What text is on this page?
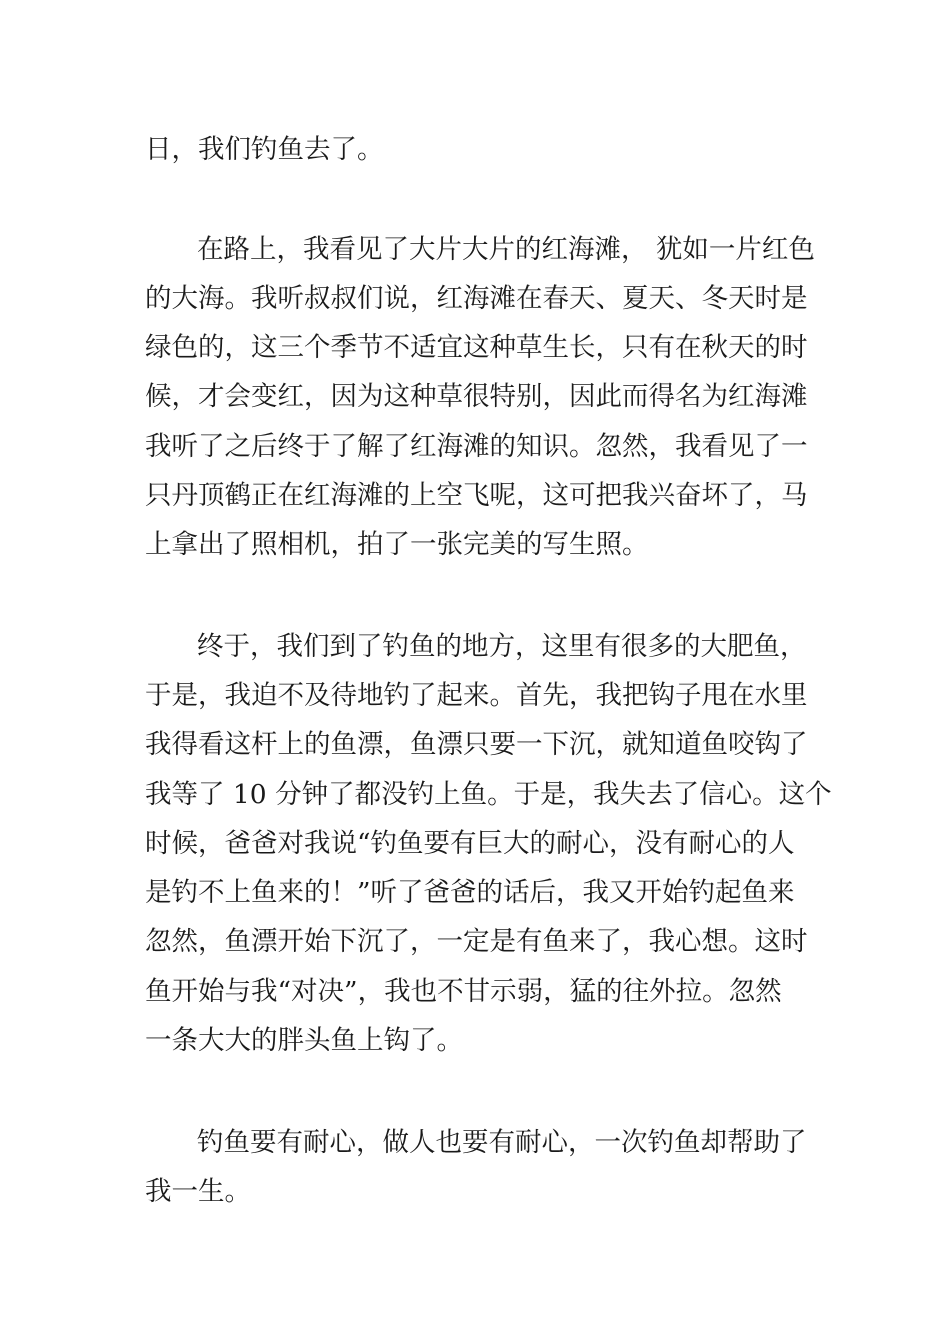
日，我们钓鱼去了。
在路上，我看见了大片大片的红海滩， 犹如一片红色
的大海。我听叔叔们说，红海滩在春天、夏天、冬天时是
绿色的，这三个季节不适宜这种草生长，只有在秋天的时
候，才会变红，因为这种草很特别，因此而得名为红海滩
我听了之后终于了解了红海滩的知识。忽然，我看见了一
只丹顶鹤正在红海滩的上空飞呢，这可把我兴奋坏了，马
上拿出了照相机，拍了一张完美的写生照。
终于，我们到了钓鱼的地方，这里有很多的大肥鱼，
于是，我迫不及待地钓了起来。首先，我把钩子甩在水里
我得看这杆上的鱼漂，鱼漂只要一下沉，就知道鱼咬钩了
我等了 10 分钟了都没钓上鱼。于是，我失去了信心。这个
时候，爸爸对我说“钓鱼要有巨大的耐心，没有耐心的人
是钓不上鱼来的！”听了爸爸的话后，我又开始钓起鱼来
忽然，鱼漂开始下沉了，一定是有鱼来了，我心想。这时
鱼开始与我“对决”，我也不甘示弱，猛的往外拉。忽然
一条大大的胖头鱼上钩了。
钓鱼要有耐心，做人也要有耐心，一次钓鱼却帮助了
我一生。
